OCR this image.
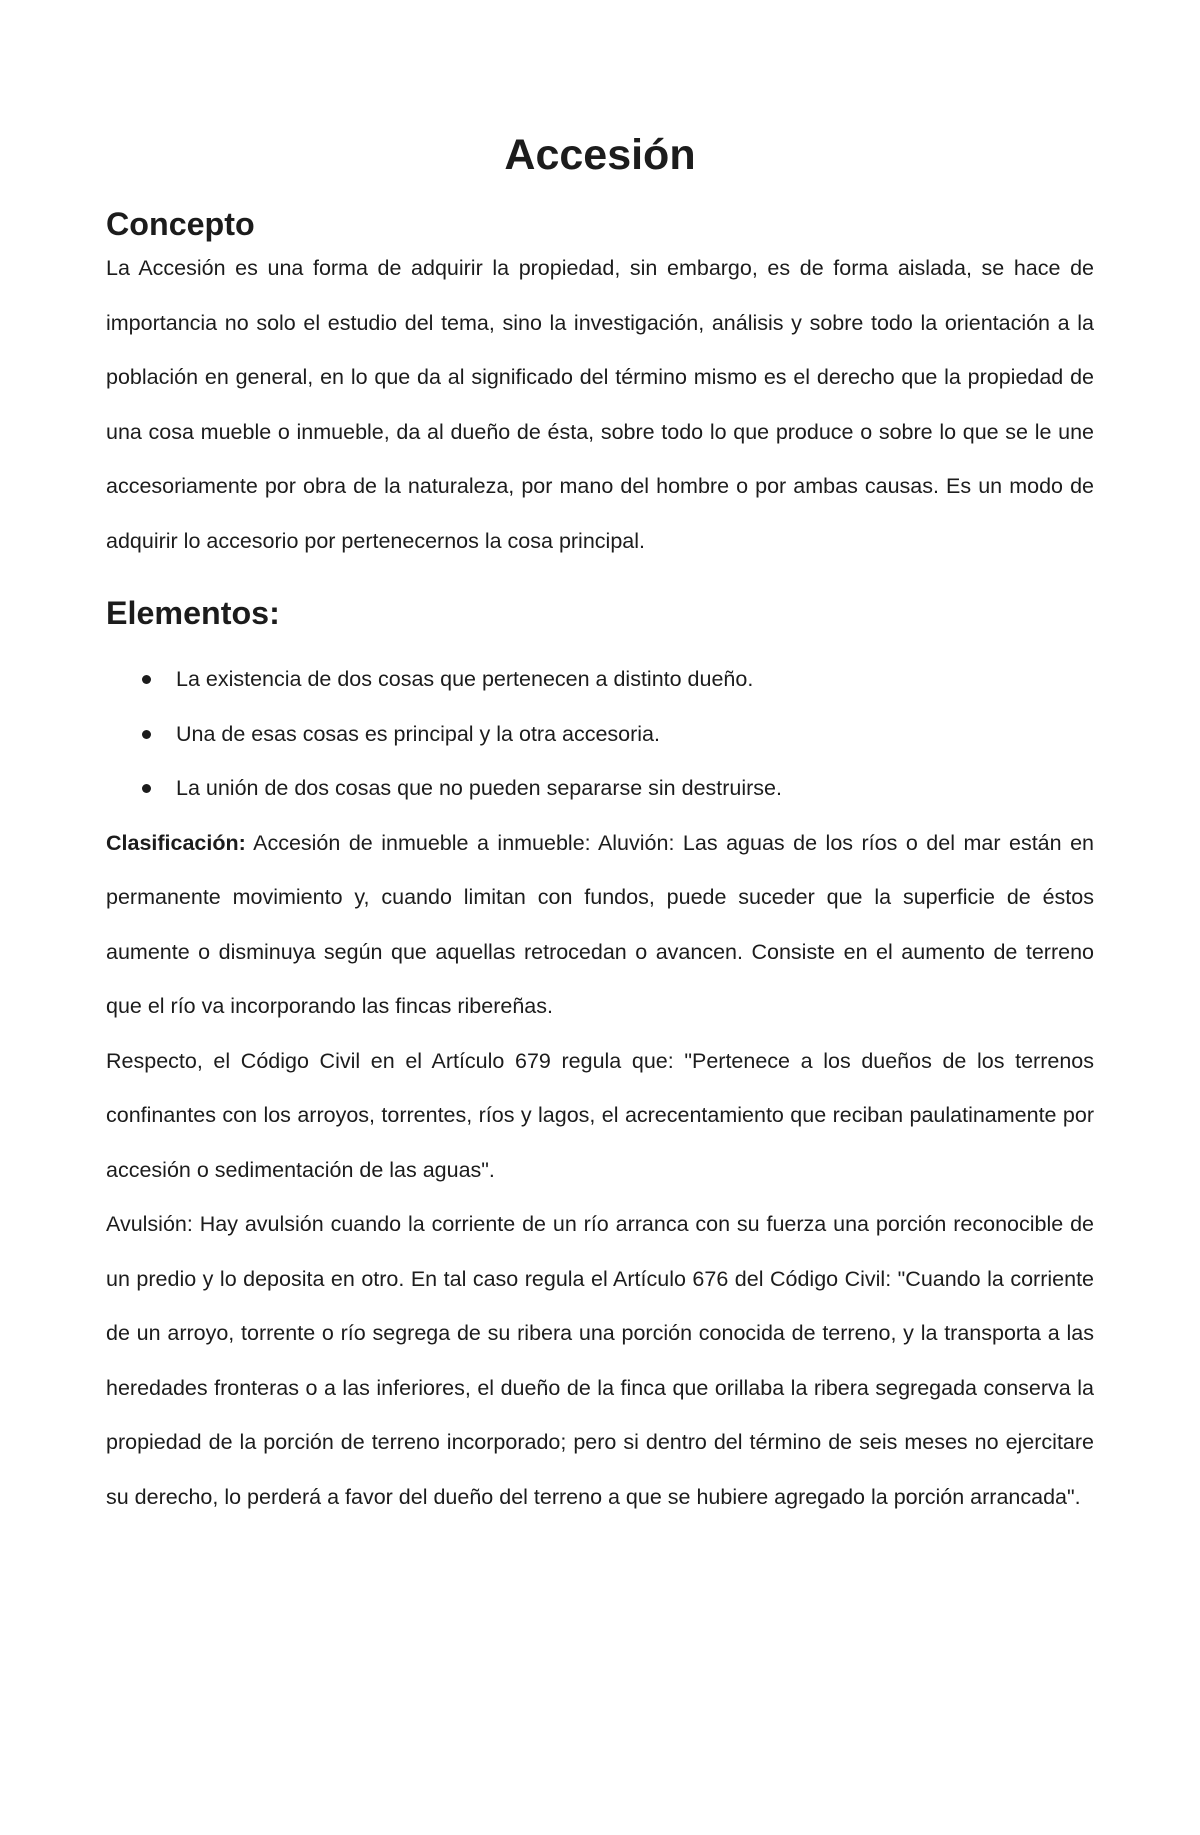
Accesión
Concepto

La Accesión es una forma de adquirir la propiedad, sin embargo, es de forma aislada, se hace de importancia no solo el estudio del tema, sino la investigación, análisis y sobre todo la orientación a la población en general, en lo que da al significado del término mismo es el derecho que la propiedad de una cosa mueble o inmueble, da al dueño de ésta, sobre todo lo que produce o sobre lo que se le une accesoriamente por obra de la naturaleza, por mano del hombre o por ambas causas. Es un modo de adquirir lo accesorio por pertenecernos la cosa principal.

Elementos:
La existencia de dos cosas que pertenecen a distinto dueño.
Una de esas cosas es principal y la otra accesoria.
La unión de dos cosas que no pueden separarse sin destruirse.

Clasificación: Accesión de inmueble a inmueble: Aluvión: Las aguas de los ríos o del mar están en permanente movimiento y, cuando limitan con fundos, puede suceder que la superficie de éstos aumente o disminuya según que aquellas retrocedan o avancen. Consiste en el aumento de terreno que el río va incorporando las fincas ribereñas.

Respecto, el Código Civil en el Artículo 679 regula que: "Pertenece a los dueños de los terrenos confinantes con los arroyos, torrentes, ríos y lagos, el acrecentamiento que reciban paulatinamente por accesión o sedimentación de las aguas".

Avulsión: Hay avulsión cuando la corriente de un río arranca con su fuerza una porción reconocible de un predio y lo deposita en otro. En tal caso regula el Artículo 676 del Código Civil: "Cuando la corriente de un arroyo, torrente o río segrega de su ribera una porción conocida de terreno, y la transporta a las heredades fronteras o a las inferiores, el dueño de la finca que orillaba la ribera segregada conserva la propiedad de la porción de terreno incorporado; pero si dentro del término de seis meses no ejercitare su derecho, lo perderá a favor del dueño del terreno a que se hubiere agregado la porción arrancada".
